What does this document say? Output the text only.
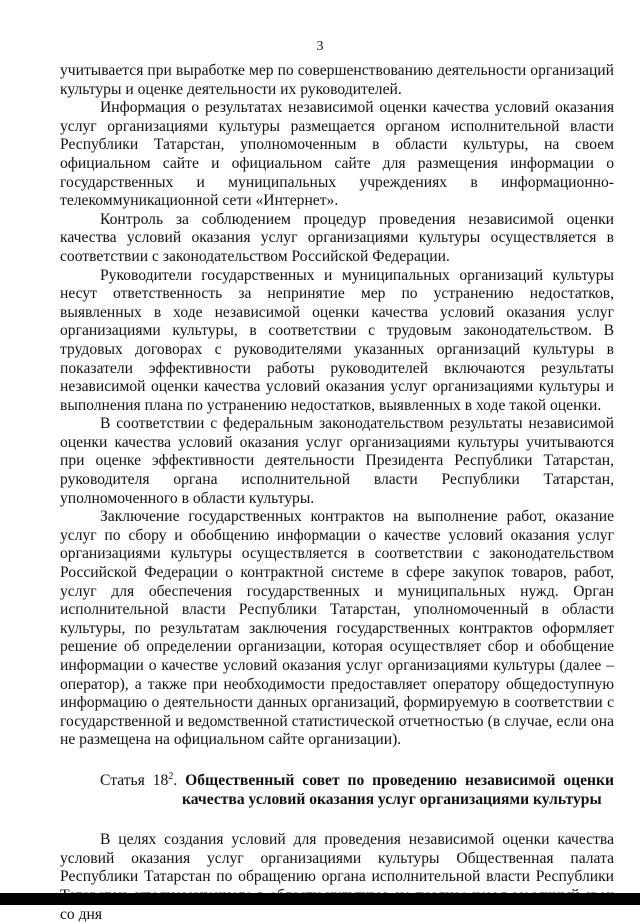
3

учитывается при выработке мер по совершенствованию деятельности организаций культуры и оценке деятельности их руководителей.

Информация о результатах независимой оценки качества условий оказания услуг организациями культуры размещается органом исполнительной власти Республики Татарстан, уполномоченным в области культуры, на своем официальном сайте и официальном сайте для размещения информации о государственных и муниципальных учреждениях в информационно-телекоммуникационной сети «Интернет».

Контроль за соблюдением процедур проведения независимой оценки качества условий оказания услуг организациями культуры осуществляется в соответствии с законодательством Российской Федерации.

Руководители государственных и муниципальных организаций культуры несут ответственность за непринятие мер по устранению недостатков, выявленных в ходе независимой оценки качества условий оказания услуг организациями культуры, в соответствии с трудовым законодательством. В трудовых договорах с руководителями указанных организаций культуры в показатели эффективности работы руководителей включаются результаты независимой оценки качества условий оказания услуг организациями культуры и выполнения плана по устранению недостатков, выявленных в ходе такой оценки.

В соответствии с федеральным законодательством результаты независимой оценки качества условий оказания услуг организациями культуры учитываются при оценке эффективности деятельности Президента Республики Татарстан, руководителя органа исполнительной власти Республики Татарстан, уполномоченного в области культуры.

Заключение государственных контрактов на выполнение работ, оказание услуг по сбору и обобщению информации о качестве условий оказания услуг организациями культуры осуществляется в соответствии с законодательством Российской Федерации о контрактной системе в сфере закупок товаров, работ, услуг для обеспечения государственных и муниципальных нужд. Орган исполнительной власти Республики Татарстан, уполномоченный в области культуры, по результатам заключения государственных контрактов оформляет решение об определении организации, которая осуществляет сбор и обобщение информации о качестве условий оказания услуг организациями культуры (далее – оператор), а также при необходимости предоставляет оператору общедоступную информацию о деятельности данных организаций, формируемую в соответствии с государственной и ведомственной статистической отчетностью (в случае, если она не размещена на официальном сайте организации).

Статья $18^2$. Общественный совет по проведению независимой оценки
качества условий оказания услуг организациями культуры

В целях создания условий для проведения независимой оценки качества условий оказания услуг организациями культуры Общественная палата Республики Татарстан по обращению органа исполнительной власти Республики со дня
